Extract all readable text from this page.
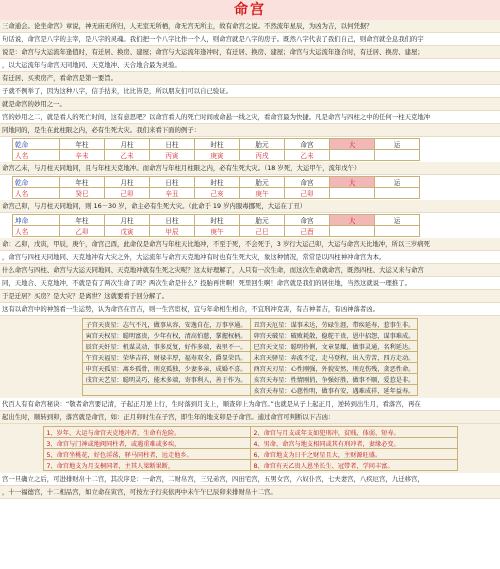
命宫
三命通会。论坐命宫》章说，神无庙无所归，人无室无所栖，命无宫无所主，故有命宫之说。不然流年星辰，为凶为吉，以何凭据？
句话说，命宫是八字的主宰，是八字的灵魂。我们把一个八字比作一个人，则命宫就是八字的房子。既然八字代表了我们自己，则命宫就全息我们的宇
说是：命宫与大运流年逢值时，有迁居、换房、建屋；命宫与大运流年逢冲时，有迁居、换房、建屋；命宫与大运流年逢合时，有迁居、换房、建屋；
，以大运流年与命宫天同地同、天克地冲、天合地合最为灵验。
有迁居、买卖房产，看命宫是第一要旨。
子就不例举了，因为这种八字，信手拈来，比比皆是，所以朋友们可以自已验证。
就是命宫的妙用之一。
宫的妙用之二，就是看人的死亡时间，这有意思吧？以命宫看人的死亡时间或命悬一线之灾，看命宫最为快捷。凡是命宫与四柱之中的任何一柱天克地冲
同地同的，是生在此柱限之内，必有生死大灾。我们来看下面的例子：
乾命	年柱	月柱	日柱	时柱	胎元	命宫	大	运
人名	辛未	乙未	丙寅	庚寅	丙戌	乙未		
命宫乙未，与月柱天同地同，且与年柱天克地冲。而命宫与年柱月柱限之内，必有生死大灾。（18 岁死，大运甲午，流年戊午）
乾命	年柱	月柱	日柱	时柱	胎元	命宫	大	运
人名	癸巳	己卯	辛丑	己亥	庚午	己卯		
命宫己卯，与月柱天同地同，则 16－30 岁，命主必有生死大灾。（此命于 19 岁内服毒挪死，大运在丁丑）
坤命	年柱	月柱	日柱	时柱	胎元	命宫	大	运
人名	乙卯	戊寅	甲辰	庚午	己巳	己酉		
命：乙卯，戊寅，甲辰，庚午，命宫己酉，此命仅是命宫与年柱天比地冲，不至于死，不会死于，3 岁行大运己卯，大运与命宫天比地冲，所以三岁病死
，命宫与四柱天同地同、天克地冲有大灾之外，大运流年与命宫天克地冲有时也有生死大灾，象这种情况，常常是以四柱神冲命宫为本。
什么命宫与四柱、命宫与大运天同地同、天克地冲就有生死之灾呢？这太好理解了，人只有一次生命，而这次生命就命宫，既然四柱、大运又来与命宫
同，天地合、天克地冲，不就是有了两次生命了吗？两次生命是什么？投胎再世啊！死里回生啊！命宫就是我们的居住地，当然这就说一理推了。
于是迁居？买房？是大灾？是离世？这就要看于回分解了。
这有以命宫中的神煞看一生运势，认为命宫在宫吉，则一生宫宦权，宜与年命相生相合，不宜刑冲克害，有吉神者吉，有凶神落者凶。
子宫天贵星：志气不凡，做事从容，安逸自在，万事享通。	丑宫天厄星：谋事未达，劳碌生涯，带疾延寿，惹事生非。
寅宫天权星：聪明富贵，少年有权，清高怕慈，掌握权柄。	卯宫天破星：破败耗散，稳舵干贵，恩中招怨，谋事难成。
辰宫天奸星：机谋灵动，事多反复，好作多端，表里不一。	巳宫天文星：聪明伶俐，文章显耀，做事灵通，名利延达。
午宫天福星：荣华吉祥，财禄丰厚，福寿双全，爵显荣昌。	未宫天驿星：奔波不定，走马登程，出入劳苦，四方走动。
申宫天孤星：离乡孤骨，刑克孤独，少妻多亲，成婚不喜。	酉宫天刃星：心性刚强，外貌安然，刑克伤残，贪恶性命。
戌宫天艺星：聪明灵巧，能术多端，寄事利人，善于作为。	亥宫天寿星：性情刚俏，争强好胜，做事不顺，爱惹是非。
	亥宫天寿星：心慈性明，做事有安，遇难成祥，延年益寿。
代百人有有命宫秘诀：“敬者命宫要记清，子起正月逆上行，生时落到月支上，顺查卯上为命宫。”也就是从子上起正月，逆转到出生月，看落宫，再在
起出生时，顺转到卯，落宫就是命宫，如：正月卯时生在子宫，即生年的地支卯是子命宫。通过命宫可判断以下吉凶：
1、岁年、大运与命宫天克地冲者，生命有危险。	2、命宫与月支或年支如犯刑冲，贫贱、体弱、短寿。
3、命宫与门神或地阀同柱者，或遇重难或多疾，	4、男命、命宫与地支相同或其有刑冲者，妻缘必变。
5、命宫坐桃花，好色淫荡，驿马同柱者，远走他乡。	6、命宫地支为日千之财星且大，主财源旺盛。
7、命宫地支为月支桐同者，主其人梁断果断，	8、命宫有天乙贵人恩坐长生、冠带者，学问丰富。
宫一旦确立之后，可进排财帛十二宫，其次序是：一命宫，二财帛宫，三兄弟宫，四田宅宫，五男女宫，六奴仆宫，七夫妻宫，八疾厄宫，九迁移宫，
，十一福德宫，十二相品宫，如立命在寅宫，可按左子行夹依再中未午午巳辰卯来排财帛十二宫。
